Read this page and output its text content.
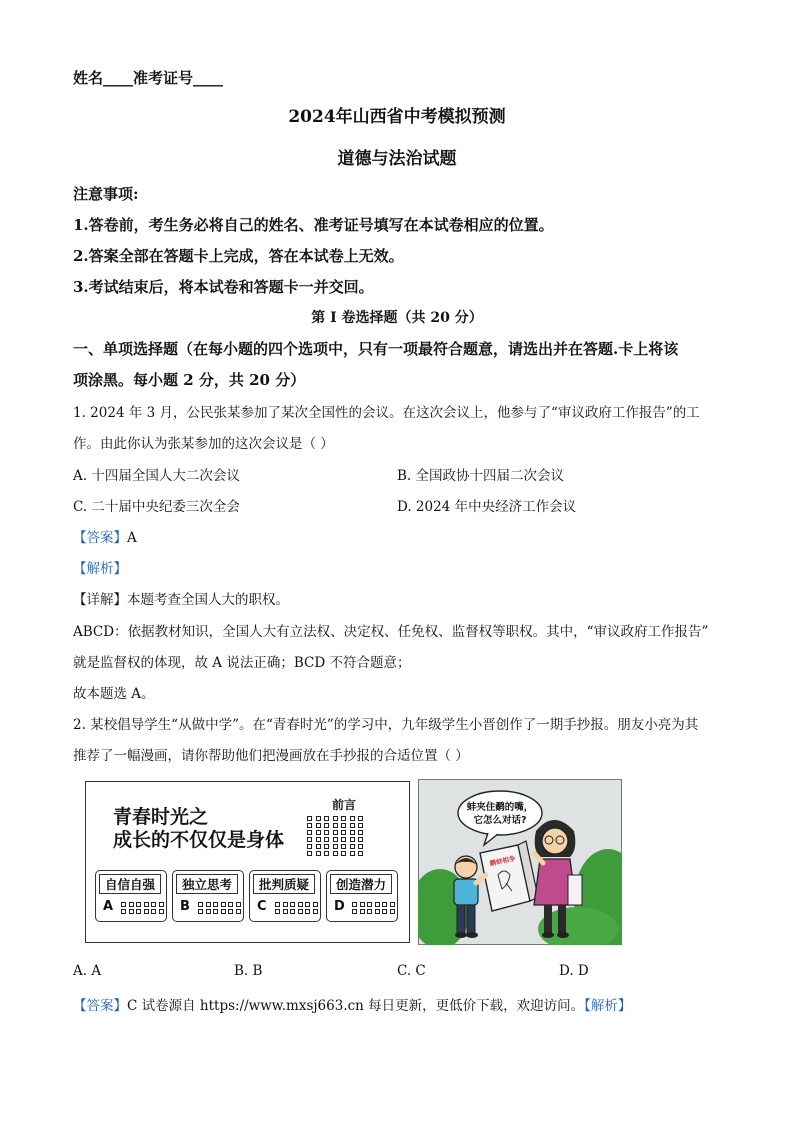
姓名____准考证号____
2024年山西省中考模拟预测
道德与法治试题
注意事项:
1.答卷前，考生务必将自己的姓名、准考证号填写在本试卷相应的位置。
2.答案全部在答题卡上完成，答在本试卷上无效。
3.考试结束后，将本试卷和答题卡一并交回。
第 I 卷选择题（共 20 分）
一、单项选择题（在每小题的四个选项中，只有一项最符合题意，请选出并在答题.卡上将该
项涂黑。每小题 2 分，共 20 分）
1. 2024 年 3 月，公民张某参加了某次全国性的会议。在这次会议上，他参与了“审议政府工作报告”的工
作。由此你认为张某参加的这次会议是（ ）
A. 十四届全国人大二次会议	B. 全国政协十四届二次会议
C. 二十届中央纪委三次全会	D. 2024 年中央经济工作会议
【答案】A
【解析】
【详解】本题考查全国人大的职权。
ABCD：依据教材知识，全国人大有立法权、决定权、任免权、监督权等职权。其中，“审议政府工作报告”
就是监督权的体现，故 A 说法正确；BCD 不符合题意；
故本题选 A。
2. 某校倡导学生“从做中学”。在“青春时光”的学习中，九年级学生小晋创作了一期手抄报。朋友小亮为其
推荐了一幅漫画，请你帮助他们把漫画放在手抄报的合适位置（ ）
青春时光之
成长的不仅仅是身体
前言
自信自强
A
独立思考
B
批判质疑
C
创造潜力
D
蚌夹住鹬的嘴，
它怎么对话?
鹬蚌相争
A. A	B. B	C. C	D. D
【答案】C 试卷源自 https://www.mxsj663.cn 每日更新，更低价下载，欢迎访问。【解析】
